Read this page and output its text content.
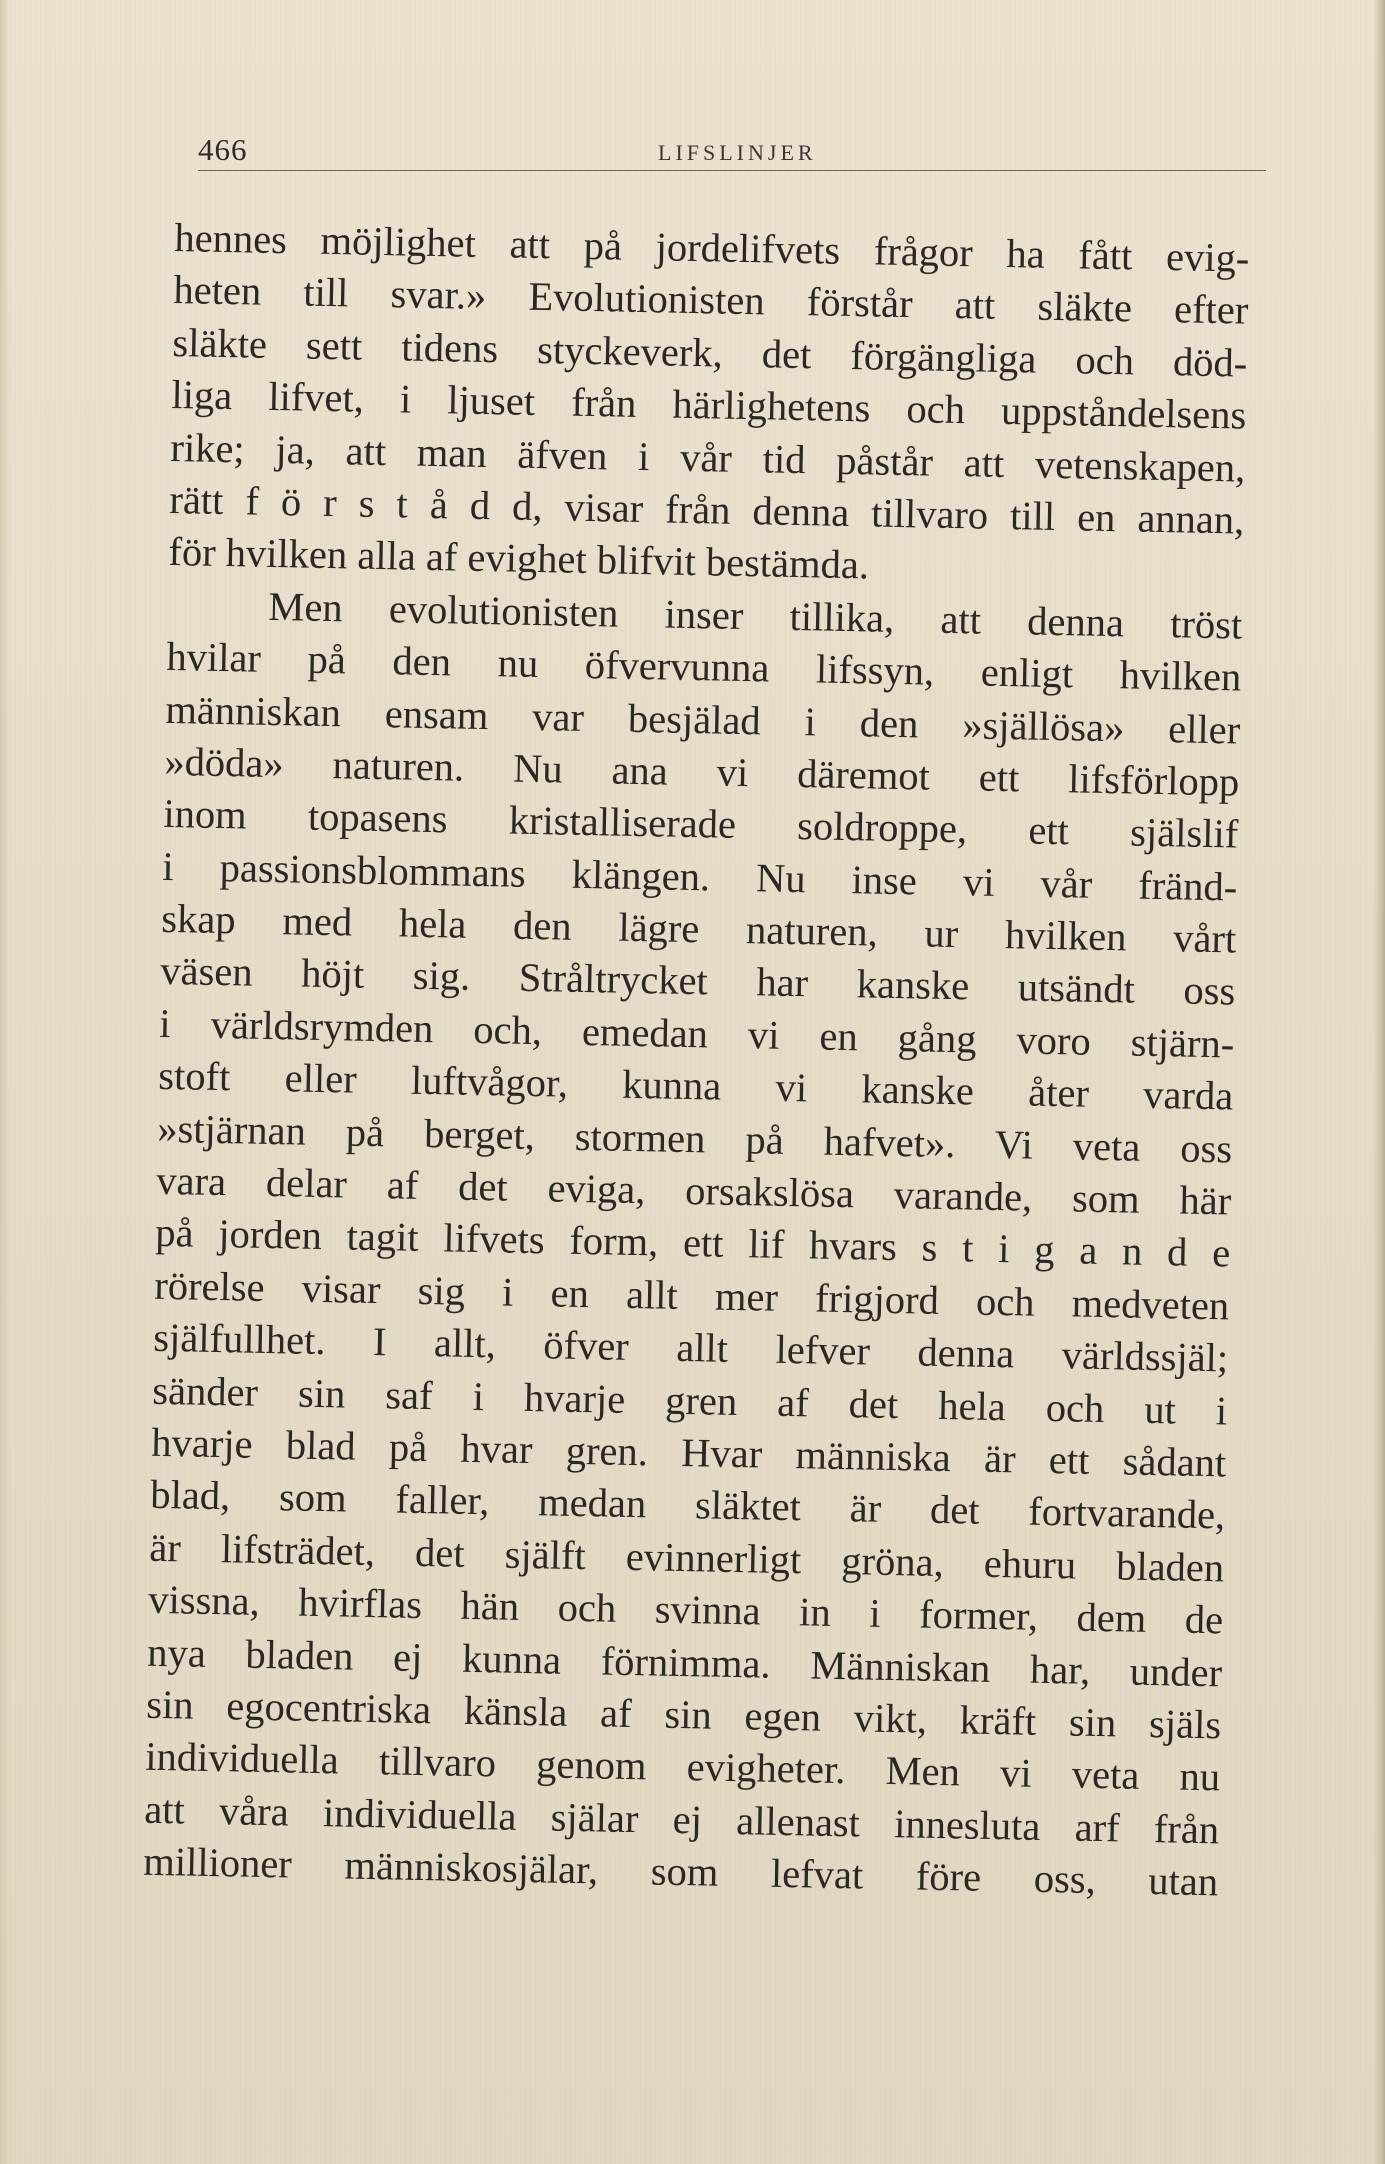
466	LIFSLINJER
hennes möjlighet att på jordelifvets frågor ha fått evig-
heten till svar.» Evolutionisten förstår att släkte efter
släkte sett tidens styckeverk, det förgängliga och död-
liga lifvet, i ljuset från härlighetens och uppståndelsens
rike; ja, att man äfven i vår tid påstår att vetenskapen,
rätt f ö r s t å d d, visar från denna tillvaro till en annan,
för hvilken alla af evighet blifvit bestämda.
Men evolutionisten inser tillika, att denna tröst
hvilar på den nu öfvervunna lifssyn, enligt hvilken
människan ensam var besjälad i den »själlösa» eller
»döda» naturen. Nu ana vi däremot ett lifsförlopp
inom topasens kristalliserade soldroppe, ett själslif
i passionsblommans klängen. Nu inse vi vår fränd-
skap med hela den lägre naturen, ur hvilken vårt
väsen höjt sig. Stråltrycket har kanske utsändt oss
i världsrymden och, emedan vi en gång voro stjärn-
stoft eller luftvågor, kunna vi kanske åter varda
»stjärnan på berget, stormen på hafvet». Vi veta oss
vara delar af det eviga, orsakslösa varande, som här
på jorden tagit lifvets form, ett lif hvars s t i g a n d e
rörelse visar sig i en allt mer frigjord och medveten
själfullhet. I allt, öfver allt lefver denna världssjäl;
sänder sin saf i hvarje gren af det hela och ut i
hvarje blad på hvar gren. Hvar människa är ett sådant
blad, som faller, medan släktet är det fortvarande,
är lifsträdet, det själft evinnerligt gröna, ehuru bladen
vissna, hvirflas hän och svinna in i former, dem de
nya bladen ej kunna förnimma. Människan har, under
sin egocentriska känsla af sin egen vikt, kräft sin själs
individuella tillvaro genom evigheter. Men vi veta nu
att våra individuella själar ej allenast innesluta arf från
millioner människosjälar, som lefvat före oss, utan
